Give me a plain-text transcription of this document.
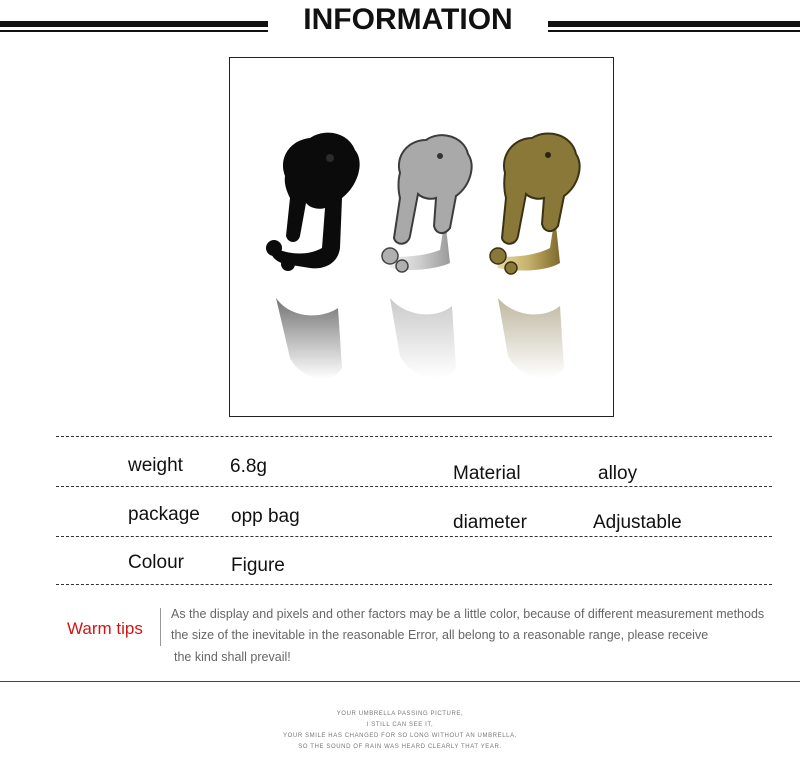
INFORMATION
weight 6.8g	Material	alloy
package opp bag	diameter	Adjustable
Colour Figure
Warm tips
As the display and pixels and other factors may be a little color, because of different measurement methods
the size of the inevitable in the reasonable Error, all belong to a reasonable range, please receive
the kind shall prevail!
YOUR UMBRELLA PASSING PICTURE,
I STILL CAN SEE IT,
YOUR SMILE HAS CHANGED FOR SO LONG WITHOUT AN UMBRELLA,
SO THE SOUND OF RAIN WAS HEARD CLEARLY THAT YEAR.
